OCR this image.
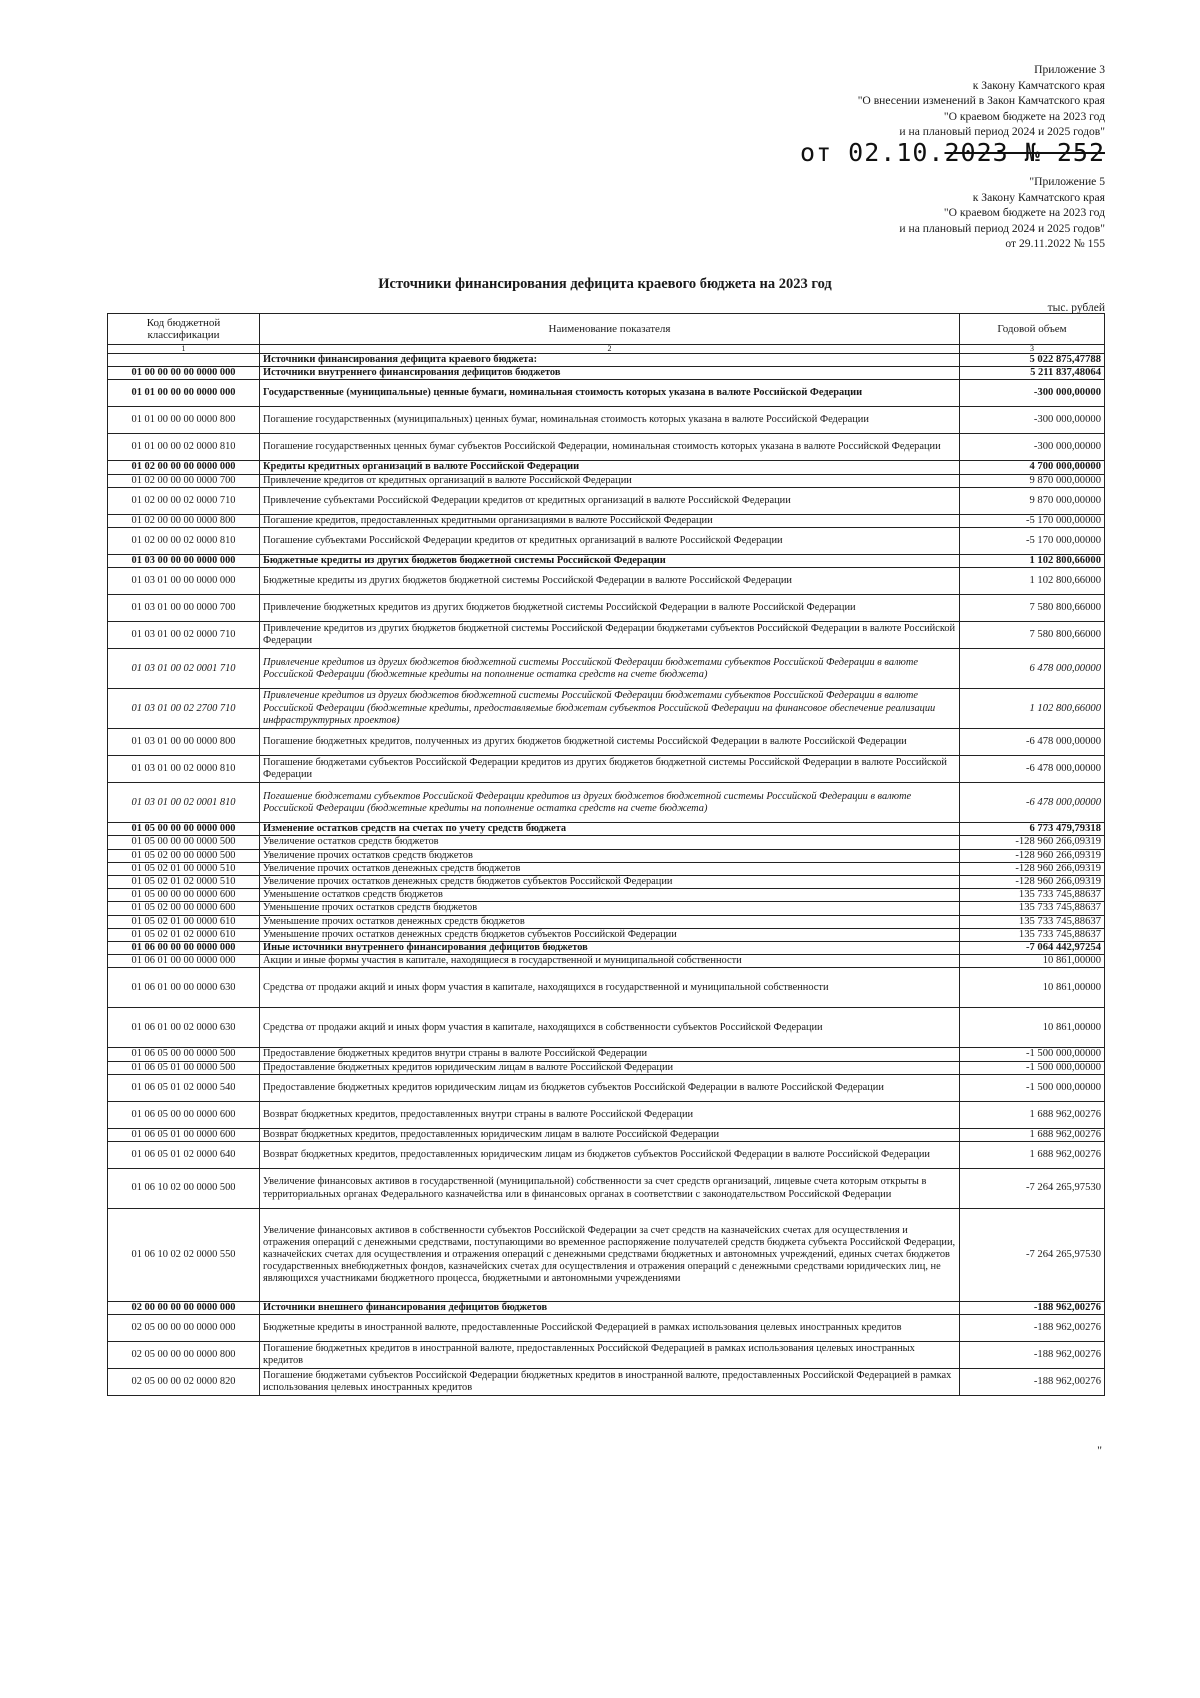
Приложение 3
к Закону Камчатского края
"О внесении изменений в Закон Камчатского края
"О краевом бюджете на 2023 год
и на плановый период 2024 и 2025 годов"
от 02.10.2023 № 252
"Приложение 5
к Закону Камчатского края
"О краевом бюджете на 2023 год
и на плановый период 2024 и 2025 годов"
от 29.11.2022 № 155
Источники финансирования дефицита краевого бюджета на 2023 год
тыс. рублей
Код бюджетной классификации	Наименование показателя	Годовой объем
1	2	3
	Источники финансирования дефицита краевого бюджета:	5 022 875,47788
01 00 00 00 00 0000 000	Источники внутреннего финансирования дефицитов бюджетов	5 211 837,48064
01 01 00 00 00 0000 000	Государственные (муниципальные) ценные бумаги, номинальная стоимость которых указана в валюте Российской Федерации	-300 000,00000
01 01 00 00 00 0000 800	Погашение государственных (муниципальных) ценных бумаг, номинальная стоимость которых указана в валюте Российской Федерации	-300 000,00000
01 01 00 00 02 0000 810	Погашение государственных ценных бумаг субъектов Российской Федерации, номинальная стоимость которых указана в валюте Российской Федерации	-300 000,00000
01 02 00 00 00 0000 000	Кредиты кредитных организаций в валюте Российской Федерации	4 700 000,00000
01 02 00 00 00 0000 700	Привлечение кредитов от кредитных организаций в валюте Российской Федерации	9 870 000,00000
01 02 00 00 02 0000 710	Привлечение субъектами Российской Федерации кредитов от кредитных организаций в валюте Российской Федерации	9 870 000,00000
01 02 00 00 00 0000 800	Погашение кредитов, предоставленных кредитными организациями в валюте Российской Федерации	-5 170 000,00000
01 02 00 00 02 0000 810	Погашение субъектами Российской Федерации кредитов от кредитных организаций в валюте Российской Федерации	-5 170 000,00000
01 03 00 00 00 0000 000	Бюджетные кредиты из других бюджетов бюджетной системы Российской Федерации	1 102 800,66000
01 03 01 00 00 0000 000	Бюджетные кредиты из других бюджетов бюджетной системы Российской Федерации в валюте Российской Федерации	1 102 800,66000
01 03 01 00 00 0000 700	Привлечение бюджетных кредитов из других бюджетов бюджетной системы Российской Федерации в валюте Российской Федерации	7 580 800,66000
01 03 01 00 02 0000 710	Привлечение кредитов из других бюджетов бюджетной системы Российской Федерации бюджетами субъектов Российской Федерации в валюте Российской Федерации	7 580 800,66000
01 03 01 00 02 0001 710	Привлечение кредитов из других бюджетов бюджетной системы Российской Федерации бюджетами субъектов Российской Федерации в валюте Российской Федерации (бюджетные кредиты на пополнение остатка средств на счете бюджета)	6 478 000,00000
01 03 01 00 02 2700 710	Привлечение кредитов из других бюджетов бюджетной системы Российской Федерации бюджетами субъектов Российской Федерации в валюте Российской Федерации (бюджетные кредиты, предоставляемые бюджетам субъектов Российской Федерации на финансовое обеспечение реализации инфраструктурных проектов)	1 102 800,66000
01 03 01 00 00 0000 800	Погашение бюджетных кредитов, полученных из других бюджетов бюджетной системы Российской Федерации в валюте Российской Федерации	-6 478 000,00000
01 03 01 00 02 0000 810	Погашение бюджетами субъектов Российской Федерации кредитов из других бюджетов бюджетной системы Российской Федерации в валюте Российской Федерации	-6 478 000,00000
01 03 01 00 02 0001 810	Погашение бюджетами субъектов Российской Федерации кредитов из других бюджетов бюджетной системы Российской Федерации в валюте Российской Федерации (бюджетные кредиты на пополнение остатка средств на счете бюджета)	-6 478 000,00000
01 05 00 00 00 0000 000	Изменение остатков средств на счетах по учету средств бюджета	6 773 479,79318
01 05 00 00 00 0000 500	Увеличение остатков средств бюджетов	-128 960 266,09319
01 05 02 00 00 0000 500	Увеличение прочих остатков средств бюджетов	-128 960 266,09319
01 05 02 01 00 0000 510	Увеличение прочих остатков денежных средств бюджетов	-128 960 266,09319
01 05 02 01 02 0000 510	Увеличение прочих остатков денежных средств бюджетов субъектов Российской Федерации	-128 960 266,09319
01 05 00 00 00 0000 600	Уменьшение остатков средств бюджетов	135 733 745,88637
01 05 02 00 00 0000 600	Уменьшение прочих остатков средств бюджетов	135 733 745,88637
01 05 02 01 00 0000 610	Уменьшение прочих остатков денежных средств бюджетов	135 733 745,88637
01 05 02 01 02 0000 610	Уменьшение прочих остатков денежных средств бюджетов субъектов Российской Федерации	135 733 745,88637
01 06 00 00 00 0000 000	Иные источники внутреннего финансирования дефицитов бюджетов	-7 064 442,97254
01 06 01 00 00 0000 000	Акции и иные формы участия в капитале, находящиеся в государственной и муниципальной собственности	10 861,00000
01 06 01 00 00 0000 630	Средства от продажи акций и иных форм участия в капитале, находящихся в государственной и муниципальной собственности	10 861,00000
01 06 01 00 02 0000 630	Средства от продажи акций и иных форм участия в капитале, находящихся в собственности субъектов Российской Федерации	10 861,00000
01 06 05 00 00 0000 500	Предоставление бюджетных кредитов внутри страны в валюте Российской Федерации	-1 500 000,00000
01 06 05 01 00 0000 500	Предоставление бюджетных кредитов юридическим лицам в валюте Российской Федерации	-1 500 000,00000
01 06 05 01 02 0000 540	Предоставление бюджетных кредитов юридическим лицам из бюджетов субъектов Российской Федерации в валюте Российской Федерации	-1 500 000,00000
01 06 05 00 00 0000 600	Возврат бюджетных кредитов, предоставленных внутри страны в валюте Российской Федерации	1 688 962,00276
01 06 05 01 00 0000 600	Возврат бюджетных кредитов, предоставленных юридическим лицам в валюте Российской Федерации	1 688 962,00276
01 06 05 01 02 0000 640	Возврат бюджетных кредитов, предоставленных юридическим лицам из бюджетов субъектов Российской Федерации в валюте Российской Федерации	1 688 962,00276
01 06 10 02 00 0000 500	Увеличение финансовых активов в государственной (муниципальной) собственности за счет средств организаций, лицевые счета которым открыты в территориальных органах Федерального казначейства или в финансовых органах в соответствии с законодательством Российской Федерации	-7 264 265,97530
01 06 10 02 02 0000 550	Увеличение финансовых активов в собственности субъектов Российской Федерации за счет средств на казначейских счетах для осуществления и отражения операций с денежными средствами, поступающими во временное распоряжение получателей средств бюджета субъекта Российской Федерации, казначейских счетах для осуществления и отражения операций с денежными средствами бюджетных и автономных учреждений, единых счетах бюджетов государственных внебюджетных фондов, казначейских счетах для осуществления и отражения операций с денежными средствами юридических лиц, не являющихся участниками бюджетного процесса, бюджетными и автономными учреждениями	-7 264 265,97530
02 00 00 00 00 0000 000	Источники внешнего финансирования дефицитов бюджетов	-188 962,00276
02 05 00 00 00 0000 000	Бюджетные кредиты в иностранной валюте, предоставленные Российской Федерацией в рамках использования целевых иностранных кредитов	-188 962,00276
02 05 00 00 00 0000 800	Погашение бюджетных кредитов в иностранной валюте, предоставленных Российской Федерацией в рамках использования целевых иностранных кредитов	-188 962,00276
02 05 00 00 02 0000 820	Погашение бюджетами субъектов Российской Федерации бюджетных кредитов в иностранной валюте, предоставленных Российской Федерацией в рамках использования целевых иностранных кредитов	-188 962,00276
"
